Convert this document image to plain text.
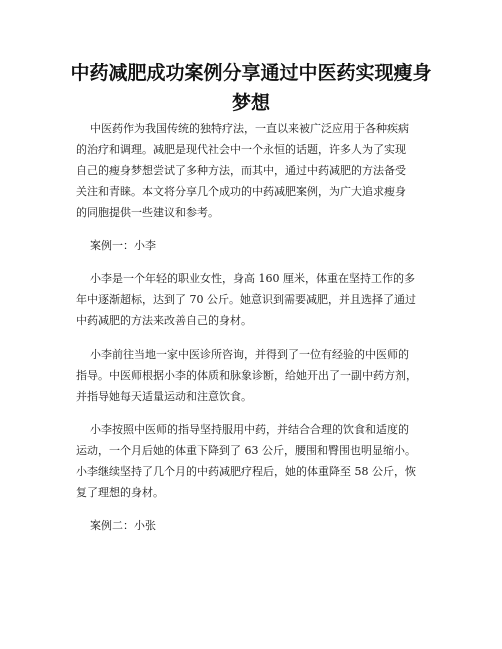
中药减肥成功案例分享通过中医药实现瘦身
梦想
中医药作为我国传统的独特疗法，一直以来被广泛应用于各种疾病
的治疗和调理。减肥是现代社会中一个永恒的话题，许多人为了实现
自己的瘦身梦想尝试了多种方法，而其中，通过中药减肥的方法备受
关注和青睐。本文将分享几个成功的中药减肥案例，为广大追求瘦身
的同胞提供一些建议和参考。
案例一：小李
小李是一个年轻的职业女性，身高 160 厘米，体重在坚持工作的多
年中逐渐超标，达到了 70 公斤。她意识到需要减肥，并且选择了通过
中药减肥的方法来改善自己的身材。
小李前往当地一家中医诊所咨询，并得到了一位有经验的中医师的
指导。中医师根据小李的体质和脉象诊断，给她开出了一副中药方剂，
并指导她每天适量运动和注意饮食。
小李按照中医师的指导坚持服用中药，并结合合理的饮食和适度的
运动，一个月后她的体重下降到了 63 公斤，腰围和臀围也明显缩小。
小李继续坚持了几个月的中药减肥疗程后，她的体重降至 58 公斤，恢
复了理想的身材。
案例二：小张
